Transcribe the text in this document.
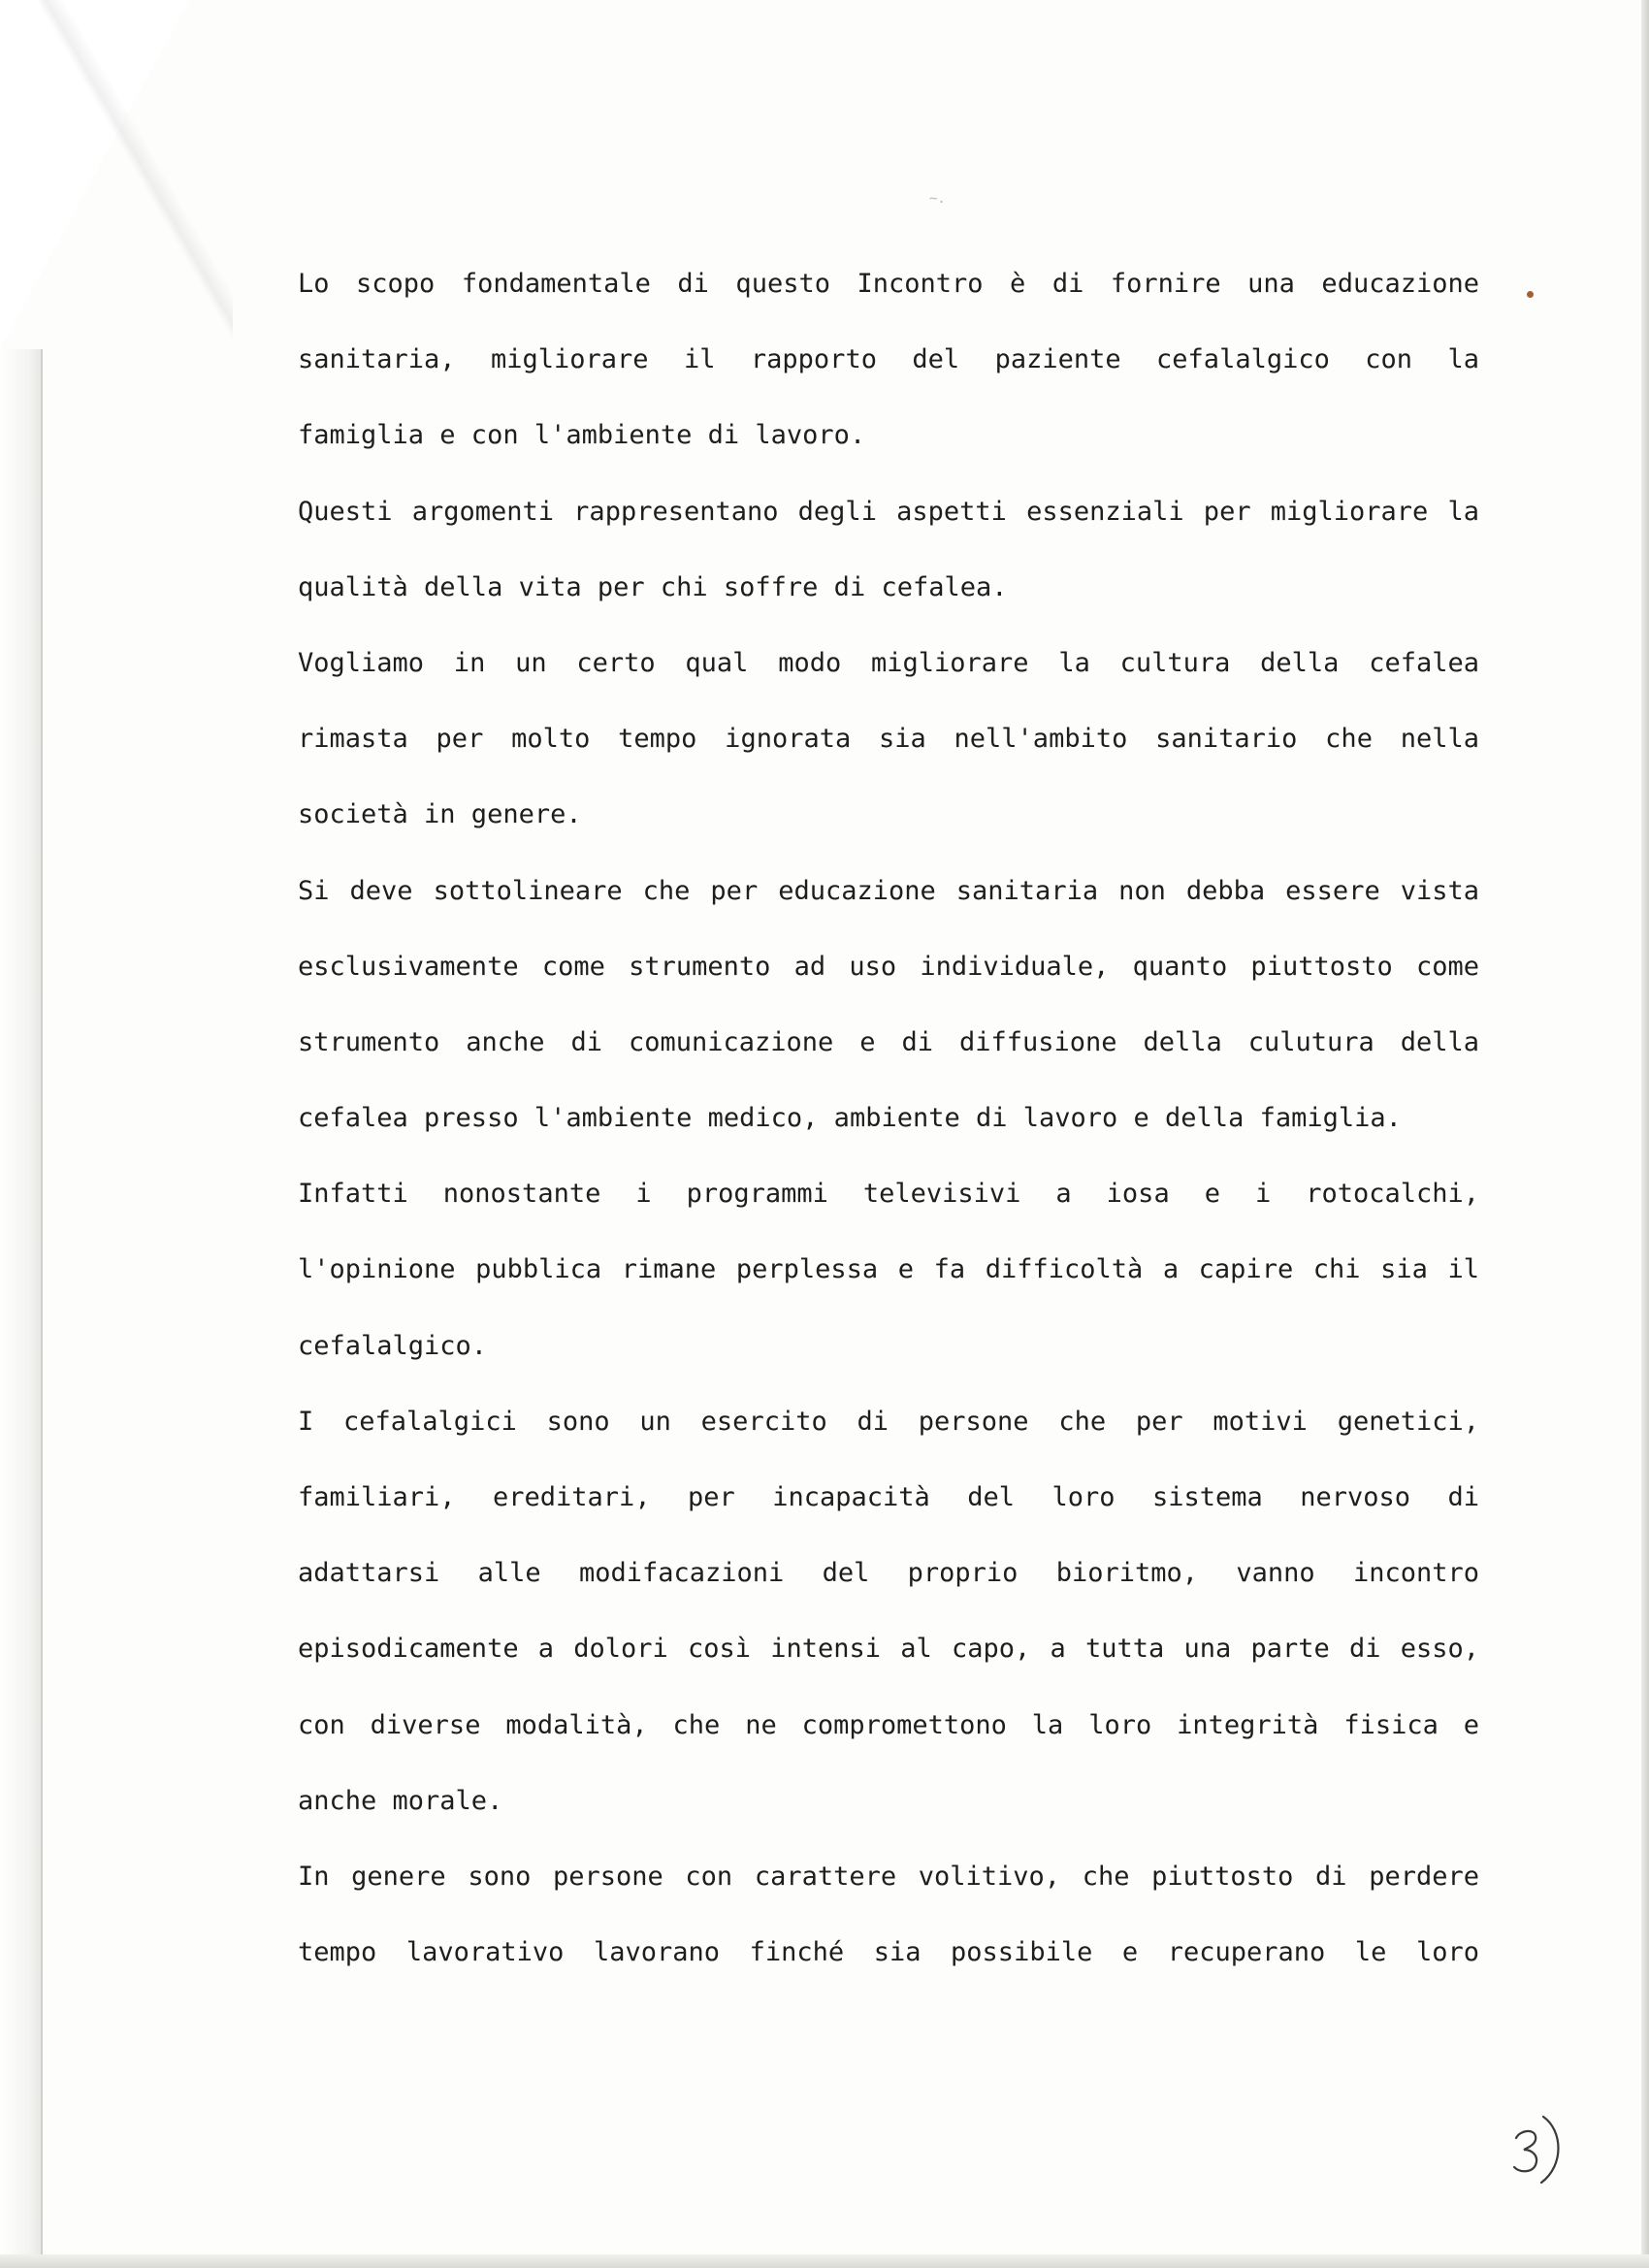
~.
Lo scopo fondamentale di questo Incontro è di fornire una educazione
sanitaria, migliorare il rapporto del paziente cefalalgico con la
famiglia e con l'ambiente di lavoro.
Questi argomenti rappresentano degli aspetti essenziali per migliorare la
qualità della vita per chi soffre di cefalea.
Vogliamo in un certo qual modo migliorare la cultura della cefalea
rimasta per molto tempo ignorata sia nell'ambito sanitario che nella
società in genere.
Si deve sottolineare che per educazione sanitaria non debba essere vista
esclusivamente come strumento ad uso individuale, quanto piuttosto come
strumento anche di comunicazione e di diffusione della culutura della
cefalea presso l'ambiente medico, ambiente di lavoro e della famiglia.
Infatti nonostante i programmi televisivi a iosa e i rotocalchi,
l'opinione pubblica rimane perplessa e fa difficoltà a capire chi sia il
cefalalgico.
I cefalalgici sono un esercito di persone che per motivi genetici,
familiari, ereditari, per incapacità del loro sistema nervoso di
adattarsi alle modifacazioni del proprio bioritmo, vanno incontro
episodicamente a dolori così intensi al capo, a tutta una parte di esso,
con diverse modalità, che ne compromettono la loro integrità fisica e
anche morale.
In genere sono persone con carattere volitivo, che piuttosto di perdere
tempo lavorativo lavorano finché sia possibile e recuperano le loro
